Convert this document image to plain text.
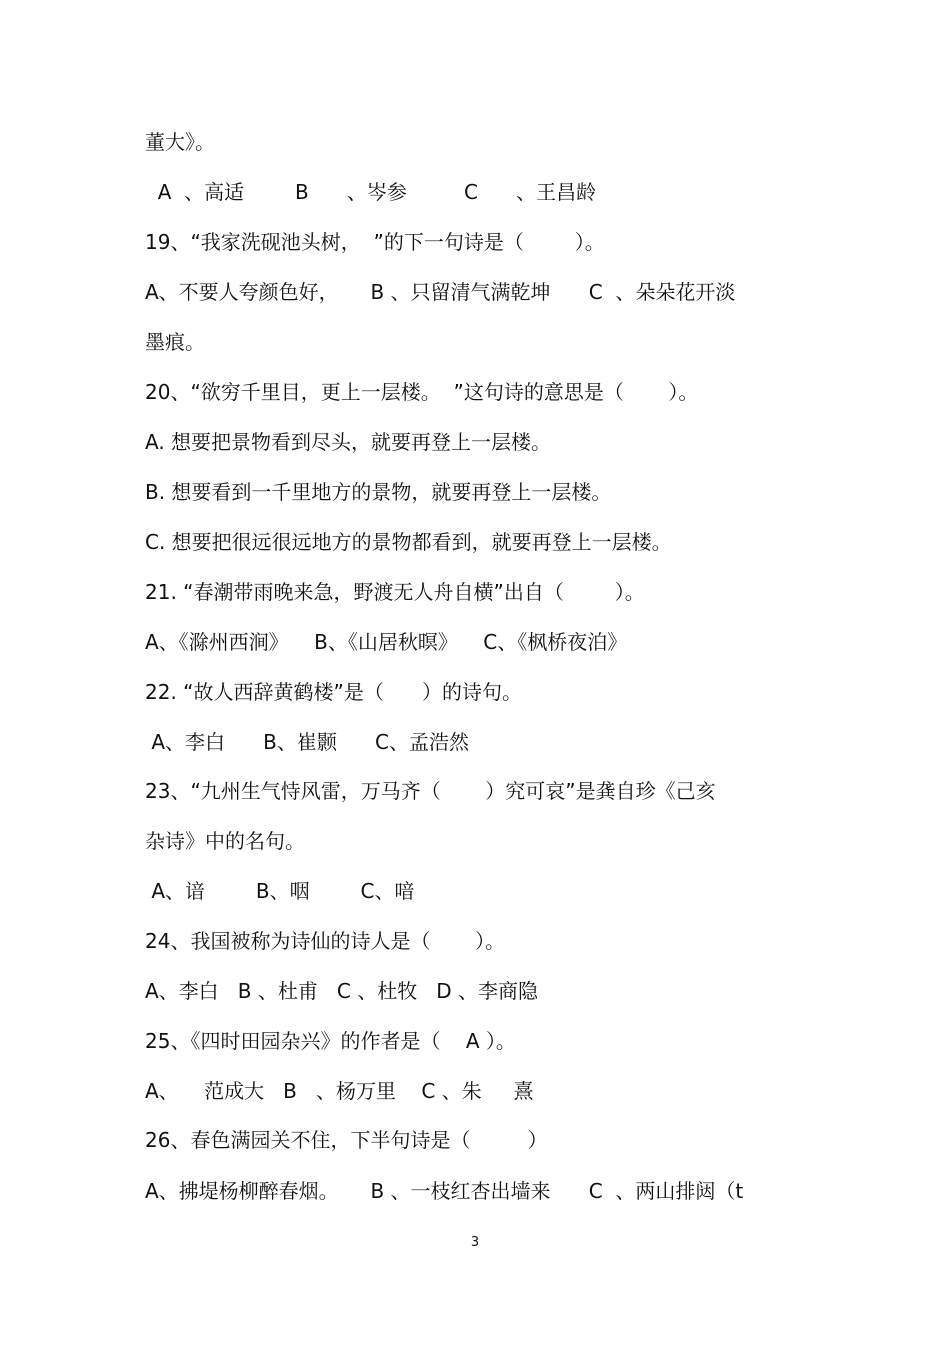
董大》。
A  、高适        B      、岑参         C      、王昌龄
19、“我家洗砚池头树，  ”的下一句诗是（        ）。
A、不要人夸颜色好，     B 、只留清气满乾坤      C  、朵朵花开淡
墨痕。
20、“欲穷千里目，更上一层楼。  ”这句诗的意思是（       ）。
A. 想要把景物看到尽头，就要再登上一层楼。
B. 想要看到一千里地方的景物，就要再登上一层楼。
C. 想要把很远很远地方的景物都看到，就要再登上一层楼。
21. “春潮带雨晚来急，野渡无人舟自横”出自（        ）。
A、《滁州西涧》    B、《山居秋暝》    C、《枫桥夜泊》
22. “故人西辞黄鹤楼”是（      ）的诗句。
A、李白      B、崔颢      C、孟浩然
23、“九州生气恃风雷，万马齐（       ）究可哀”是龚自珍《己亥
杂诗》中的名句。
A、谙        B、咽        C、喑
24、我国被称为诗仙的诗人是（       ）。
A、李白   B 、杜甫   C 、杜牧   D 、李商隐
25、《四时田园杂兴》的作者是（    A ）。
A、    范成大   B   、杨万里    C 、朱     熹
26、春色满园关不住，下半句诗是（         ）
A、拂堤杨柳醉春烟。     B 、一枝红杏出墙来      C  、两山排闼（t
3
